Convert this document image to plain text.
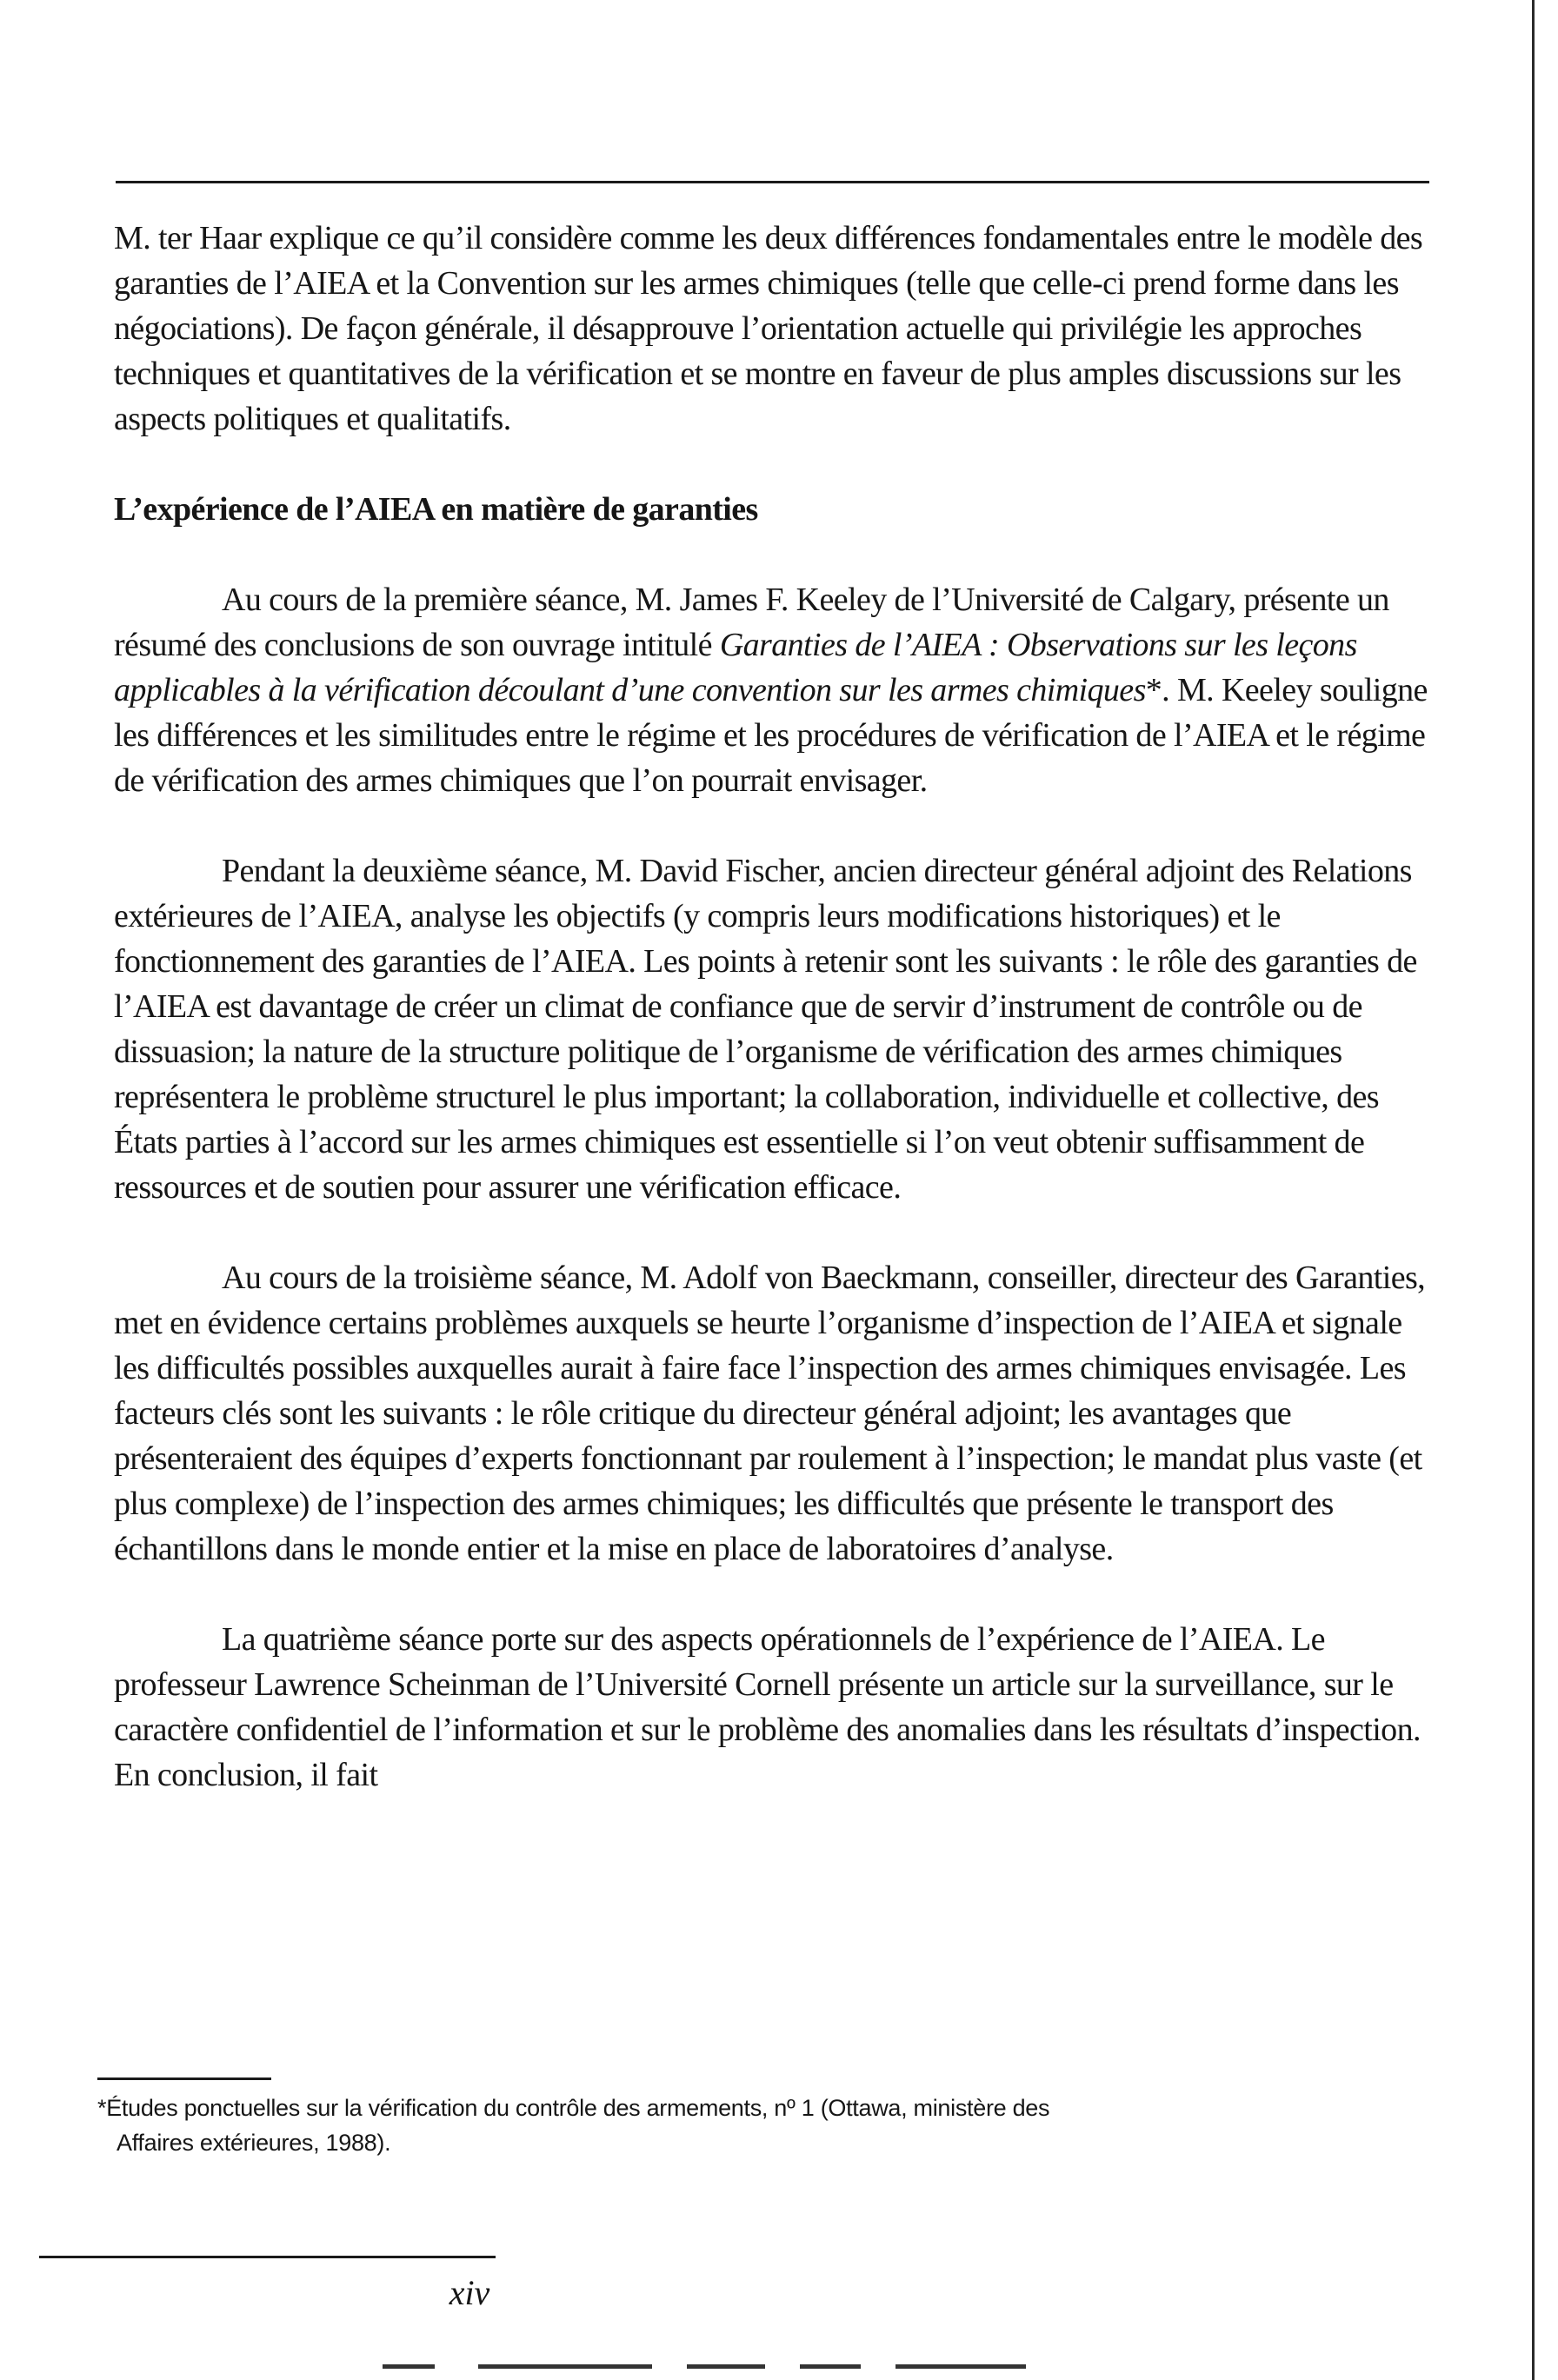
M. ter Haar explique ce qu’il considère comme les deux différences fondamentales entre le modèle des garanties de l’AIEA et la Convention sur les armes chimiques (telle que celle-ci prend forme dans les négociations). De façon générale, il désapprouve l’orientation actuelle qui privilégie les approches techniques et quantitatives de la vérification et se montre en faveur de plus amples discussions sur les aspects politiques et qualitatifs.

L’expérience de l’AIEA en matière de garanties

Au cours de la première séance, M. James F. Keeley de l’Université de Calgary, présente un résumé des conclusions de son ouvrage intitulé Garanties de l’AIEA : Observations sur les leçons applicables à la vérification découlant d’une convention sur les armes chimiques*. M. Keeley souligne les différences et les similitudes entre le régime et les procédures de vérification de l’AIEA et le régime de vérification des armes chimiques que l’on pourrait envisager.

Pendant la deuxième séance, M. David Fischer, ancien directeur général adjoint des Relations extérieures de l’AIEA, analyse les objectifs (y compris leurs modifications historiques) et le fonctionnement des garanties de l’AIEA. Les points à retenir sont les suivants : le rôle des garanties de l’AIEA est davantage de créer un climat de confiance que de servir d’instrument de contrôle ou de dissuasion; la nature de la structure politique de l’organisme de vérification des armes chimiques représentera le problème structurel le plus important; la collaboration, individuelle et collective, des États parties à l’accord sur les armes chimiques est essentielle si l’on veut obtenir suffisamment de ressources et de soutien pour assurer une vérification efficace.

Au cours de la troisième séance, M. Adolf von Baeckmann, conseiller, directeur des Garanties, met en évidence certains problèmes auxquels se heurte l’organisme d’inspection de l’AIEA et signale les difficultés possibles auxquelles aurait à faire face l’inspection des armes chimiques envisagée. Les facteurs clés sont les suivants : le rôle critique du directeur général adjoint; les avantages que présenteraient des équipes d’experts fonctionnant par roulement à l’inspection; le mandat plus vaste (et plus complexe) de l’inspection des armes chimiques; les difficultés que présente le transport des échantillons dans le monde entier et la mise en place de laboratoires d’analyse.

La quatrième séance porte sur des aspects opérationnels de l’expérience de l’AIEA. Le professeur Lawrence Scheinman de l’Université Cornell présente un article sur la surveillance, sur le caractère confidentiel de l’information et sur le problème des anomalies dans les résultats d’inspection. En conclusion, il fait

*Études ponctuelles sur la vérification du contrôle des armements, nº 1 (Ottawa, ministère des
Affaires extérieures, 1988).
xiv
